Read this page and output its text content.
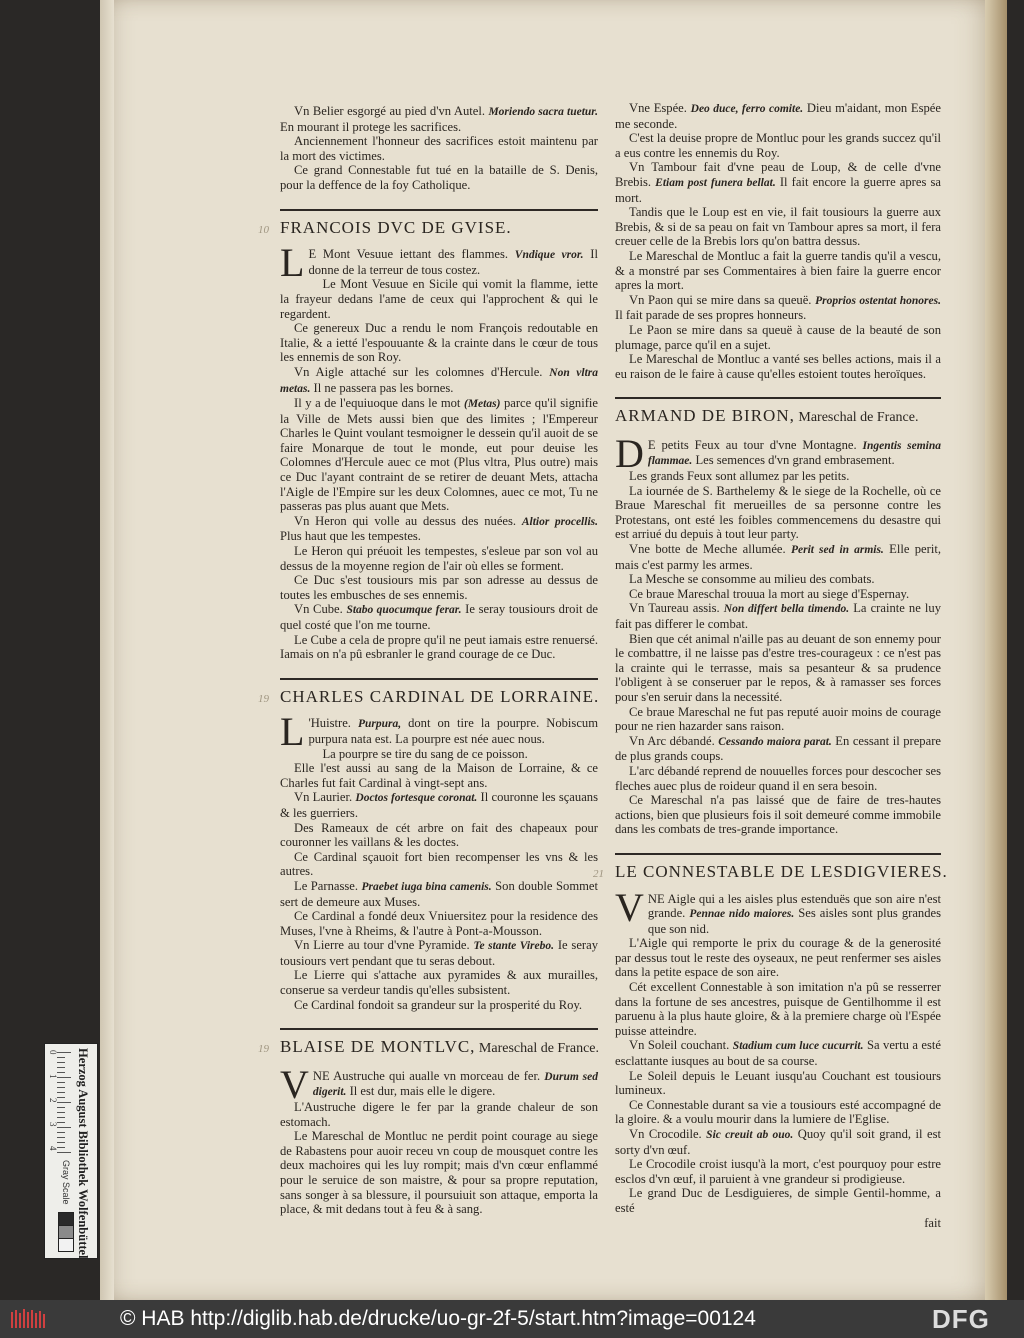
Vn Belier esgorgé au pied d'vn Autel. Moriendo sacra tuetur. En mourant il protege les sacrifices.

Anciennement l'honneur des sacrifices estoit maintenu par la mort des victimes.

Ce grand Connestable fut tué en la bataille de S. Denis, pour la deffence de la foy Catholique.

10 FRANCOIS DVC DE GVISE.

L E Mont Vesuue iettant des flammes. Vndique vror. Il donne de la terreur de tous costez.

Le Mont Vesuue en Sicile qui vomit la flamme, iette la frayeur dedans l'ame de ceux qui l'approchent & qui le regardent.

Ce genereux Duc a rendu le nom François redoutable en Italie, & a ietté l'espouuante & la crainte dans le cœur de tous les ennemis de son Roy.

Vn Aigle attaché sur les colomnes d'Hercule. Non vltra metas. Il ne passera pas les bornes.

Il y a de l'equiuoque dans le mot (Metas) parce qu'il signifie la Ville de Mets aussi bien que des limites ; l'Empereur Charles le Quint voulant tesmoigner le dessein qu'il auoit de se faire Monarque de tout le monde, eut pour deuise les Colomnes d'Hercule auec ce mot (Plus vltra, Plus outre) mais ce Duc l'ayant contraint de se retirer de deuant Mets, attacha l'Aigle de l'Empire sur les deux Colomnes, auec ce mot, Tu ne passeras pas plus auant que Mets.

Vn Heron qui volle au dessus des nuées. Altior procellis. Plus haut que les tempestes.

Le Heron qui préuoit les tempestes, s'esleue par son vol au dessus de la moyenne region de l'air où elles se forment.

Ce Duc s'est tousiours mis par son adresse au dessus de toutes les embusches de ses ennemis.

Vn Cube. Stabo quocumque ferar. Ie seray tousiours droit de quel costé que l'on me tourne.

Le Cube a cela de propre qu'il ne peut iamais estre renuersé. Iamais on n'a pû esbranler le grand courage de ce Duc.

19 CHARLES CARDINAL DE LORRAINE.

L 'Huistre. Purpura, dont on tire la pourpre. Nobiscum purpura nata est. La pourpre est née auec nous.

La pourpre se tire du sang de ce poisson.

Elle l'est aussi au sang de la Maison de Lorraine, & ce Charles fut fait Cardinal à vingt-sept ans.

Vn Laurier. Doctos fortesque coronat. Il couronne les sçauans & les guerriers.

Des Rameaux de cét arbre on fait des chapeaux pour couronner les vaillans & les doctes.

Ce Cardinal sçauoit fort bien recompenser les vns & les autres.

Le Parnasse. Praebet iuga bina camenis. Son double Sommet sert de demeure aux Muses.

Ce Cardinal a fondé deux Vniuersitez pour la residence des Muses, l'vne à Rheims, & l'autre à Pont-a-Mousson.

Vn Lierre au tour d'vne Pyramide. Te stante Virebo. Ie seray tousiours vert pendant que tu seras debout.

Le Lierre qui s'attache aux pyramides & aux murailles, conserue sa verdeur tandis qu'elles subsistent.

Ce Cardinal fondoit sa grandeur sur la prosperité du Roy.

19 BLAISE DE MONTLVC, Mareschal de France.

VNE Austruche qui aualle vn morceau de fer. Durum sed digerit. Il est dur, mais elle le digere.

L'Austruche digere le fer par la grande chaleur de son estomach.

Le Mareschal de Montluc ne perdit point courage au siege de Rabastens pour auoir receu vn coup de mousquet contre les deux machoires qui les luy rompit; mais d'vn cœur enflammé pour le seruice de son maistre, & pour sa propre reputation, sans songer à sa blessure, il poursuiuit son attaque, emporta la place, & mit dedans tout à feu & à sang.

Vne Espée. Deo duce, ferro comite. Dieu m'aidant, mon Espée me seconde.

C'est la deuise propre de Montluc pour les grands succez qu'il a eus contre les ennemis du Roy.

Vn Tambour fait d'vne peau de Loup, & de celle d'vne Brebis. Etiam post funera bellat. Il fait encore la guerre apres sa mort.

Tandis que le Loup est en vie, il fait tousiours la guerre aux Brebis, & si de sa peau on fait vn Tambour apres sa mort, il fera creuer celle de la Brebis lors qu'on battra dessus.

Le Mareschal de Montluc a fait la guerre tandis qu'il a vescu, & a monstré par ses Commentaires à bien faire la guerre encor apres la mort.

Vn Paon qui se mire dans sa queuë. Proprios ostentat honores. Il fait parade de ses propres honneurs.

Le Paon se mire dans sa queuë à cause de la beauté de son plumage, parce qu'il en a sujet.

Le Mareschal de Montluc a vanté ses belles actions, mais il a eu raison de le faire à cause qu'elles estoient toutes heroïques.

ARMAND DE BIRON, Mareschal de France.

D E petits Feux au tour d'vne Montagne. Ingentis semina flammae. Les semences d'vn grand embrasement.

Les grands Feux sont allumez par les petits.

La iournée de S. Barthelemy & le siege de la Rochelle, où ce Braue Mareschal fit merueilles de sa personne contre les Protestans, ont esté les foibles commencemens du desastre qui est arriué du depuis à tout leur party.

Vne botte de Meche allumée. Perit sed in armis. Elle perit, mais c'est parmy les armes.

La Mesche se consomme au milieu des combats.

Ce braue Mareschal trouua la mort au siege d'Espernay.

Vn Taureau assis. Non differt bella timendo. La crainte ne luy fait pas differer le combat.

Bien que cét animal n'aille pas au deuant de son ennemy pour le combattre, il ne laisse pas d'estre tres-courageux : ce n'est pas la crainte qui le terrasse, mais sa pesanteur & sa prudence l'obligent à se conseruer par le repos, & à ramasser ses forces pour s'en seruir dans la necessité.

Ce braue Mareschal ne fut pas reputé auoir moins de courage pour ne rien hazarder sans raison.

Vn Arc débandé. Cessando maiora parat. En cessant il prepare de plus grands coups.

L'arc débandé reprend de nouuelles forces pour descocher ses fleches auec plus de roideur quand il en sera besoin.

Ce Mareschal n'a pas laissé que de faire de tres-hautes actions, bien que plusieurs fois il soit demeuré comme immobile dans les combats de tres-grande importance.

21 LE CONNESTABLE DE LESDIGVIERES.

VNE Aigle qui a les aisles plus estenduës que son aire n'est grande. Pennae nido maiores. Ses aisles sont plus grandes que son nid.

L'Aigle qui remporte le prix du courage & de la generosité par dessus tout le reste des oyseaux, ne peut renfermer ses aisles dans la petite espace de son aire.

Cét excellent Connestable à son imitation n'a pû se resserrer dans la fortune de ses ancestres, puisque de Gentilhomme il est paruenu à la plus haute gloire, & à la premiere charge où l'Espée puisse atteindre.

Vn Soleil couchant. Stadium cum luce cucurrit. Sa vertu a esté esclattante iusques au bout de sa course.

Le Soleil depuis le Leuant iusqu'au Couchant est tousiours lumineux.

Ce Connestable durant sa vie a tousiours esté accompagné de la gloire. & a voulu mourir dans la lumiere de l'Eglise.

Vn Crocodile. Sic creuit ab ouo. Quoy qu'il soit grand, il est sorty d'vn œuf.

Le Crocodile croist iusqu'à la mort, c'est pourquoy pour estre esclos d'vn œuf, il paruient à vne grandeur si prodigieuse.

Le grand Duc de Lesdiguieres, de simple Gentil-homme, a esté

fait
Herzog August Bibliothek Wolfenbüttel
Gray Scale
0
1
2
3
4
© HAB http://diglib.hab.de/drucke/uo-gr-2f-5/start.htm?image=00124	DFG
